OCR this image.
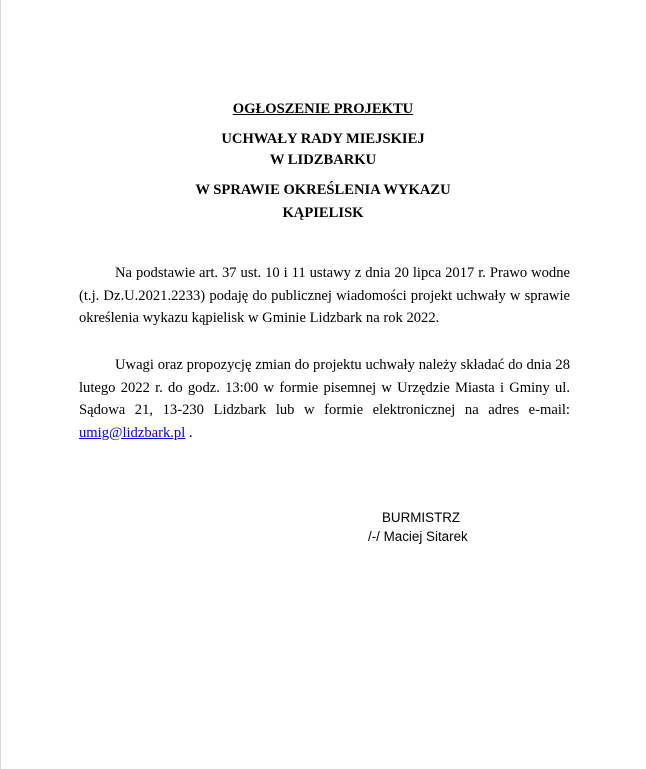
OGŁOSZENIE PROJEKTU
UCHWAŁY RADY MIEJSKIEJ
W LIDZBARKU
W SPRAWIE OKREŚLENIA WYKAZU
KĄPIELISK
Na podstawie art. 37 ust. 10 i 11 ustawy z dnia 20 lipca 2017 r. Prawo wodne (t.j. Dz.U.2021.2233) podaję do publicznej wiadomości projekt uchwały w sprawie określenia wykazu kąpielisk w Gminie Lidzbark na rok 2022.
Uwagi oraz propozycję zmian do projektu uchwały należy składać do dnia 28 lutego 2022 r. do godz. 13:00 w formie pisemnej w Urzędzie Miasta i Gminy ul. Sądowa 21, 13-230 Lidzbark lub w formie elektronicznej na adres e-mail: umig@lidzbark.pl .
BURMISTRZ
/-/ Maciej Sitarek
